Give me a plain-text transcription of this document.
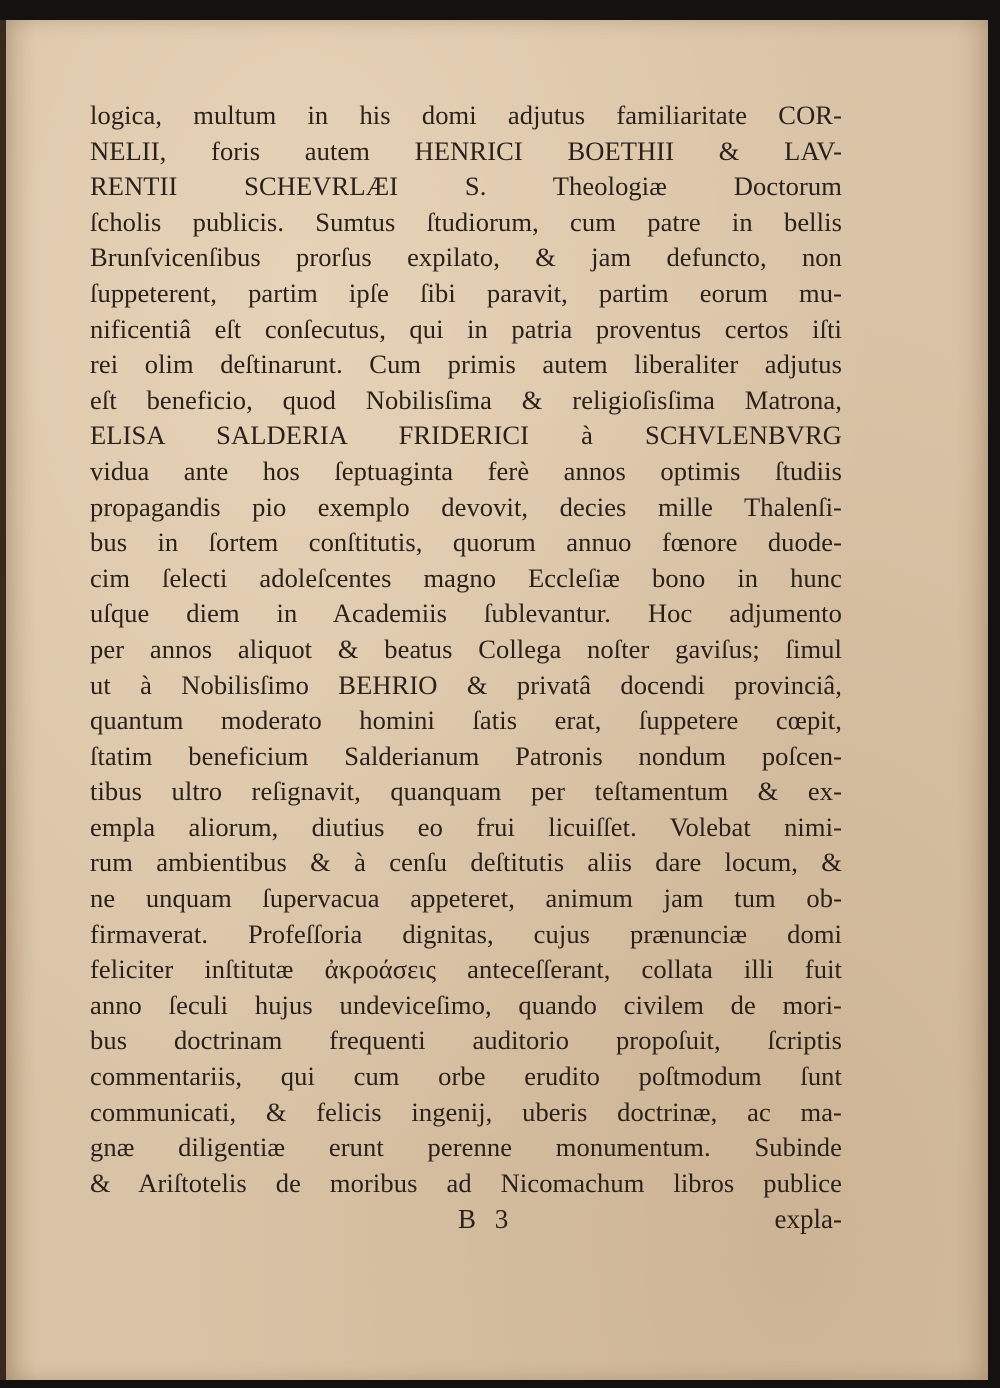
logica, multum in his domi adjutus familiaritate COR-
NELII, foris autem HENRICI BOETHII & LAV-
RENTII SCHEVRLÆI S. Theologiæ Doctorum
ſcholis publicis. Sumtus ſtudiorum, cum patre in bellis
Brunſvicenſibus prorſus expilato, & jam defuncto, non
ſuppeterent, partim ipſe ſibi paravit, partim eorum mu-
nificentiâ eſt conſecutus, qui in patria proventus certos iſti
rei olim deſtinarunt. Cum primis autem liberaliter adjutus
eſt beneficio, quod Nobilisſima & religioſisſima Matrona,
ELISA SALDERIA FRIDERICI à SCHVLENBVRG
vidua ante hos ſeptuaginta ferè annos optimis ſtudiis
propagandis pio exemplo devovit, decies mille Thalenſi-
bus in ſortem conſtitutis, quorum annuo fœnore duode-
cim ſelecti adoleſcentes magno Eccleſiæ bono in hunc
uſque diem in Academiis ſublevantur. Hoc adjumento
per annos aliquot & beatus Collega noſter gaviſus; ſimul
ut à Nobilisſimo BEHRIO & privatâ docendi provinciâ,
quantum moderato homini ſatis erat, ſuppetere cœpit,
ſtatim beneficium Salderianum Patronis nondum poſcen-
tibus ultro reſignavit, quanquam per teſtamentum & ex-
empla aliorum, diutius eo frui licuiſſet. Volebat nimi-
rum ambientibus & à cenſu deſtitutis aliis dare locum, &
ne unquam ſupervacua appeteret, animum jam tum ob-
firmaverat. Profeſſoria dignitas, cujus prænunciæ domi
feliciter inſtitutæ ἀκροάσεις anteceſſerant, collata illi fuit
anno ſeculi hujus undeviceſimo, quando civilem de mori-
bus doctrinam frequenti auditorio propoſuit, ſcriptis
commentariis, qui cum orbe erudito poſtmodum ſunt
communicati, & felicis ingenij, uberis doctrinæ, ac ma-
gnæ diligentiæ erunt perenne monumentum. Subinde
& Ariſtotelis de moribus ad Nicomachum libros publice
B 3	expla-
